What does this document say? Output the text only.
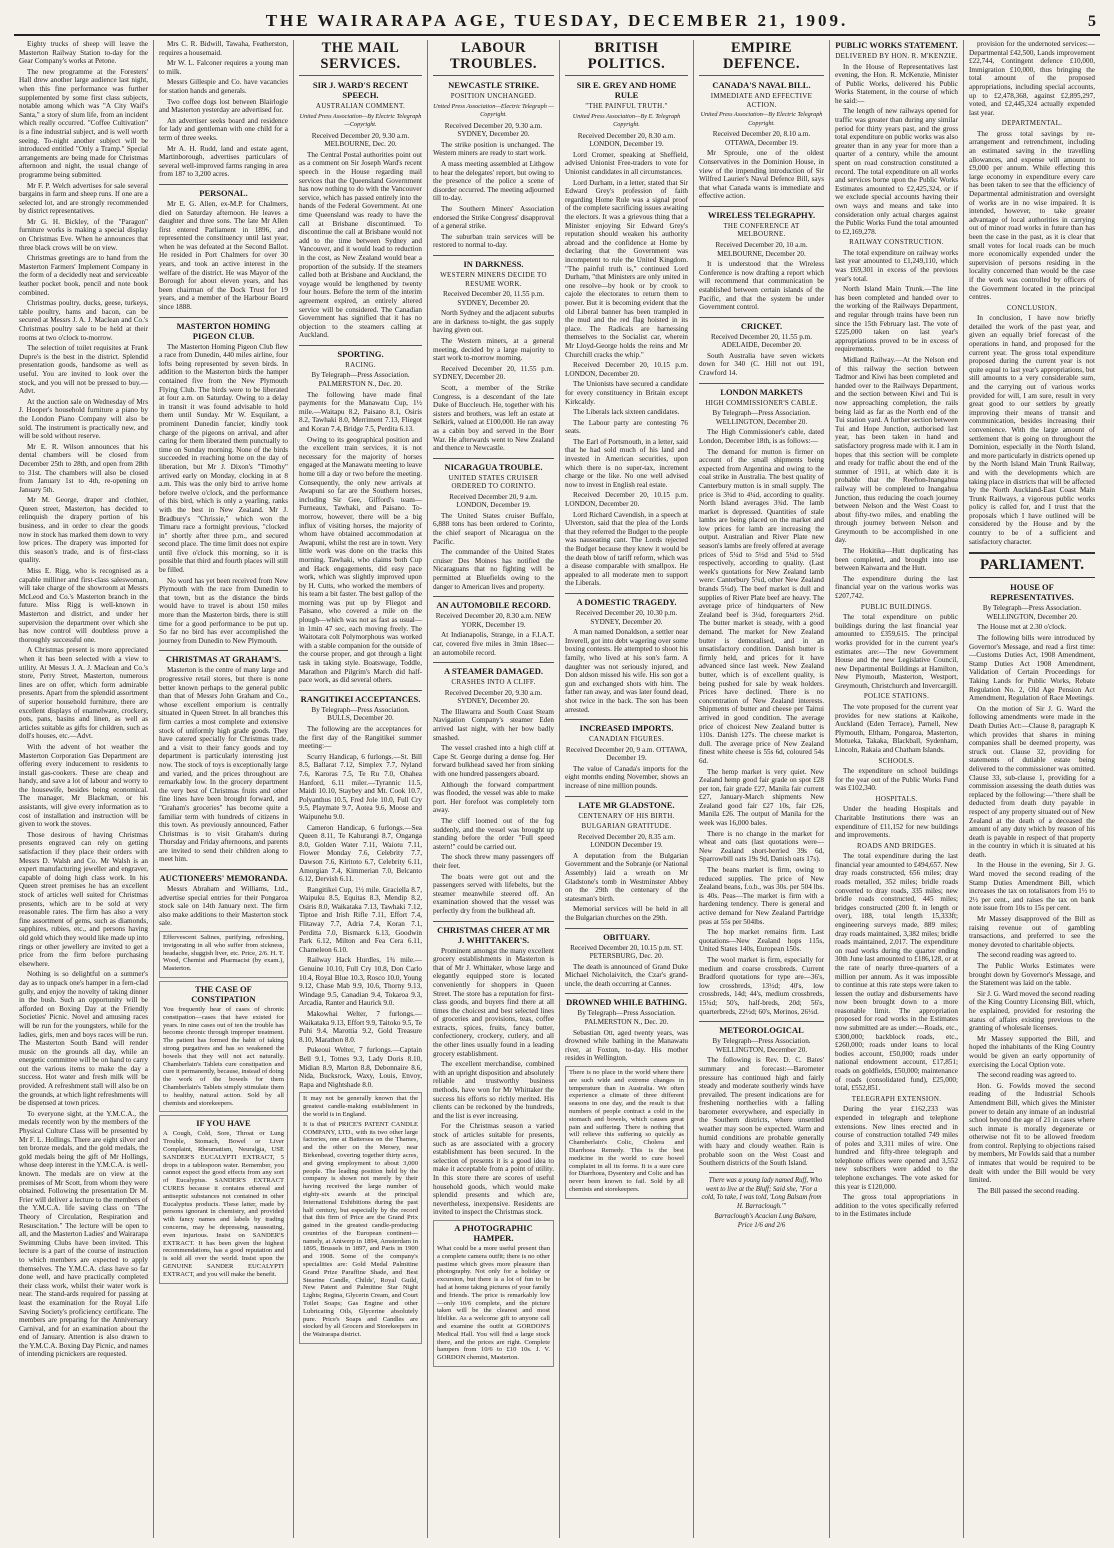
THE WAIRARAPA AGE, TUESDAY, DECEMBER 21, 1909.	5

Eighty trucks of sheep will leave the Masterton Railway Station to-day for the Gear Company's works at Petone.

The new programme at the Foresters' Hall drew another large audience last night, when this fine performance was further supplemented by some first class subjects, notable among which was "A City Waif's Santa," a story of slum life, from an incident which really occurred. "Coffee Cultivation" is a fine industrial subject, and is well worth seeing. To-night another subject will be introduced entitled "Only a Tramp." Special arrangements are being made for Christmas afternoon and night, the usual change of programme being submitted.

Mr F. P. Welch advertises for sale several bargains in farm and sheep runs. If one are a selected lot, and are strongly recommended by district representatives.

Mr G. H. Bickley, of the "Paragon" furniture works is making a special display on Christmas Eve. When he announces that three black crows will be on view.

Christmas greetings are to hand from the Masterton Farmers' Implement Company in the form of a decidedly neat and serviceable leather pocket book, pencil and note book combined.

Christmas poultry, ducks, geese, turkeys, table poultry, hams and bacon, can be secured at Messrs J. A. J. Maclean and Co.'s Christmas poultry sale to be held at their rooms at two o'clock to-morrow.

The selection of toilet requisites at Frank Dupre's is the best in the district. Splendid presentation goods, handsome as well as useful. You are invited to look over the stock, and you will not be pressed to buy.—Advt.

At the auction sale on Wednesday of Mrs J. Hooper's household furniture a piano by the London Piano Company will also be sold. The instrument is practically new, and will be sold without reserve.

Mr E. R. Wilson announces that his dental chambers will be closed from December 25th to 28th, and open from 28th to 31st. The chambers will also be closed from January 1st to 4th, re-opening on January 5th.

Mr M. George, draper and clothier, Queen street, Masterton, has decided to relinquish the drapery portion of his business, and in order to clear the goods now in stock has marked them down to very low prices. The drapery was imported for this season's trade, and is of first-class quality.

Miss E. Rigg, who is recognised as a capable milliner and first-class saleswoman, will take charge of the showroom at Messrs McLeod and Co.'s Masterton branch in the future. Miss Rigg is well-known in Masterton and district, and under her supervision the department over which she has now control will doubtless prove a thoroughly successful one.

A Christmas present is more appreciated when it has been selected with a view to utility. At Messrs J. A. J. Maclean and Co.'s store, Perry Street, Masterton, numerous lines are on offer, which form admirable presents. Apart from the splendid assortment of superior household furniture, there are excellent displays of enamelware, crockery, pots, pans, basins and linen, as well as articles suitable as gifts for children, such as doll's houses, etc.—Advt.

With the advent of hot weather the Masterton Corporation Gas Department are offering every inducement to residents to install gas-cookers. These are cheap and handy, and save a lot of labour and worry to the housewife, besides being economical. The manager, Mr Blackman, or his assistants, will give every information as to cost of installation and instruction will be given to work the stoves.

Those desirous of having Christmas presents engraved can rely on getting satisfaction if they place their orders with Messrs D. Walsh and Co. Mr Walsh is an expert manufacturing jeweller and engraver, capable of doing high class work. In his Queen street premises he has an excellent stock of articles well suited for Christmas presents, which are to be sold at very reasonable rates. The firm has also a very fine assortment of gems, such as diamonds, sapphires, rubies, etc., and persons having old gold which they would like made up into rings or other jewellery are invited to get a price from the firm before purchasing elsewhere.

Nothing is so delightful on a summer's day as to unpack one's hamper in a fern-clad gully, and enjoy the novelty of taking dinner in the bush. Such an opportunity will be afforded on Boxing Day at the Friendly Societies' Picnic. Novel and amusing races will be run for the youngsters, while for the ladies, girls, men and boys races will be run. The Masterton South Band will render music on the grounds all day, while an energetic committee will be on hand to carry out the various items to make the day a success. Hot water and fresh milk will be provided. A refreshment stall will also be on the grounds, at which light refreshments will be dispensed at town prices.

To everyone sight, at the Y.M.C.A., the medals recently won by the members of the Physical Culture Class will be presented by Mr F. L. Hollings. There are eight silver and ten bronze medals, and the gold medals, the gold medals being the gift of Mr Hollings, whose deep interest in the Y.M.C.A. is well-known. The medals are on view at the premises of Mr Scott, from whom they were obtained. Following the presentation Dr M. Frier will deliver a lecture to the members of the Y.M.C.A. life saving class on "The Theory of Circulation, Respiration and Resuscitation." The lecture will be open to all, and the Masterton Ladies' and Wairarapa Swimming Clubs have been invited. This lecture is a part of the course of instruction to which members are expected to apply themselves. The Y.M.C.A. class have so far done well, and have practically completed their class work, whilst their water work is near. The stand-ards required for passing at least the examination for the Royal Life Saving Society's proficiency certificate. The members are preparing for the Anniversary Carnival, and for an examination about the end of January. Attention is also drawn to the Y.M.C.A. Boxing Day Picnic, and names of intending picnickers are requested.

Mrs C. R. Bidwill, Tawaha, Featherston, requires a housemaid.

Mr W. L. Falconer requires a young man to milk.

Messrs Gillespie and Co. have vacancies for station hands and generals.

Two coffee dogs lost between Blairlogie and Masterton yesterday are advertised for.

An advertiser seeks board and residence for lady and gentleman with one child for a term of three weeks.

Mr A. H. Rudd, land and estate agent, Martinborough, advertises particulars of several well-improved farms ranging in area from 187 to 3,200 acres.

PERSONAL.

Mr E. G. Allen, ex-M.P. for Chalmers, died on Saturday afternoon. He leaves a daughter and three sons. The late Mr Allen first entered Parliament in 1896, and represented the constituency until last year, when he was defeated at the Second Ballot. He resided in Port Chalmers for over 30 years, and took an active interest in the welfare of the district. He was Mayor of the Borough for about eleven years, and has been chairman of the Dock Trust for 19 years, and a member of the Harbour Board since 1888.

MASTERTON HOMING PIGEON CLUB.

The Masterton Homing Pigeon Club flew a race from Dunedin, 440 miles airline, four lofts being represented by seven birds. In addition to the Masterton birds the hamper contained five from the New Plymouth Flying Club. The birds were to be liberated at four a.m. on Saturday. Owing to a delay in transit it was found advisable to hold them until Sunday. Mr W. Esquilant, a prominent Dunedin fancier, kindly took charge of the pigeons on arrival, and after caring for them liberated them punctually to time on Sunday morning. None of the birds succeeded in reaching home on the day of liberation, but Mr J. Dixon's "Timothy" arrived early on Monday, clocking in at 8 a.m. This was the only bird to arrive home before twelve o'clock, and the performance of this bird, which is only a yearling, ranks with the best in New Zealand. Mr J. Bradbury's "Chrissie," which won the Timaru race a fortnight previous, "clocked in" shortly after three p.m., and secured second place. The time limit does not expire until five o'clock this morning, so it is possible that third and fourth places will still be filled.

No word has yet been received from New Plymouth with the race from Dunedin to that town, but as the distance the birds would have to travel is about 150 miles more than the Masterton birds, there is still time for a good performance to be put up. So far no bird has ever accomplished the journey from Dunedin to New Plymouth.

CHRISTMAS AT GRAHAM'S.

Masterton is the centre of many large and progressive retail stores, but there is none better known perhaps to the general public than that of Messrs John Graham and Co., whose excellent emporium is centrally situated in Queen Street. In all branches this firm carries a most complete and extensive stock of uniformly high grade goods. They have catered specially for Christmas trade, and a visit to their fancy goods and toy department is particularly interesting just now. The stock of toys is exceptionally large and varied, and the prices throughout are remarkably low. In the grocery department the very best of Christmas fruits and other fine lines have been brought forward, and "Graham's groceries" has become quite a familiar term with hundreds of citizens in this town. As previously announced, Father Christmas is to visit Graham's during Thursday and Friday afternoons, and parents are invited to send their children along to meet him.

AUCTIONEERS' MEMORANDA.

Messrs Abraham and Williams, Ltd., advertise special entries for their Pongaroa stock sale on 14th January next. The firm also make additions to their Masterton stock sale.

Effervescent Salines, purifying, refreshing, invigorating in all who suffer from sickness, headache, sluggish liver, etc. Price, 2/6. H. T. Wood, Chemist and Pharmacist (by exam.), Masterton.

THE CASE OF CONSTIPATION

You frequently hear of cases of chronic constipation—cases that have existed for years. In nine cases out of ten the trouble has become chronic through improper treatment. The patient has formed the habit of taking strong purgatives and has so weakened the bowels that they will not act naturally. Chamberlain's Tablets cure constipation and cure it permanently, because, instead of doing the work of the bowels for them Chamberlain's Tablets simply stimulate them to healthy, natural action. Sold by all chemists and storekeepers.

IF YOU HAVE

A Cough, Cold, Sore, Throat or Lung Trouble, Stomach, Bowel or Liver Complaint, Rheumatism, Neuralgia, USE SANDER'S EUCALYPTI EXTRACT, 5 drops in a tablespoon water. Remember, you cannot expect the good effects from any sort of Eucalyptus. SANDER'S EXTRACT CURES because it contains ethereal and antiseptic substances not contained in other Eucalyptus products. These latter, made by persons ignorant in chemistry, and provided with fancy names and labels by trading concerns, may be depressing, nauseating, even injurious. Insist on SANDER'S EXTRACT. It has been given the highest recommendations, has a good reputation and is sold all over the world. Insist upon the GENUINE SANDER EUCALYPTI EXTRACT, and you will make the benefit.

THE MAIL SERVICES.
SIR J. WARD'S RECENT SPEECH.
AUSTRALIAN COMMENT.
United Press Association—By Electric Telegraph —Copyright.
Received December 20, 9.30 a.m. MELBOURNE, Dec. 20.

The Central Postal authorities point out as a comment on Sir Joseph Ward's recent speech in the House regarding mail services that the Queensland Government has now nothing to do with the Vancouver service, which has passed entirely into the hands of the Federal Government. At one time Queensland was ready to have the call at Brisbane discontinued. To discontinue the call at Brisbane would not add to the time between Sydney and Vancouver, and it would lead to reduction in the cost, as New Zealand would bear a proportion of the subsidy. If the steamers called both at Brisbane and Auckland, the voyage would be lengthened by twenty four hours. Before the term of the interim agreement expired, an entirely altered service will be considered. The Canadian Government has signified that it has no objection to the steamers calling at Auckland.

SPORTING.
RACING.
By Telegraph—Press Association. PALMERSTON N., Dec. 20.

The following have made final payments for the Manawatu Cup, 1½ mile.—Waitapu 8.2, Paisano 8.1, Osiris 8.2, Tawhaki 8.0, Merriment 7.13, Fliegot and Koran 7.4, Bridge 7.5, Perdita 6.13.

Owing to its geographical position and the excellent train services, it is not necessary for the majority of horses engaged at the Manawatu meeting to leave home till a day or two before the meeting. Consequently, the only new arrivals at Awapuni so far are the Southern horses, including Sir Gee, Gifford's team—Furneaux, Tawhaki, and Paisano. To-morrow, however, there will be a big influx of visiting horses, the majority of whom have obtained accommodation at Awapuni, whilst the rest are in town. Very little work was done on the tracks this morning. Tawhaki, who claims both Cup and Hack engagements, did easy pace work, which was slightly improved upon by H. Cutts, who worked the members of his team a bit faster. The best gallop of the morning was put up by Fliegot and Paisano, who covered a mile on the plough—which was not as fast as usual—in 1min 47 sec, each moving freely. The Waitotara colt Polymorphous was worked with a stable companion for the outside of the course proper, and got through a light task in taking style. Boatswage, Toddle, Marathon and Pilgrim's March did half-pace work, as did several others.

RANGITIKEI ACCEPTANCES.
By Telegraph—Press Association. BULLS, December 20.

The following are the acceptances for the first day of the Rangitikei summer meeting:—

Scurry Handicap, 6 furlongs.—St. Bill 8.5, Ballarat 7.12, Simplex 7.7, Nyland 7.6, Karoras 7.5, Te Ru 7.0, Ohahea Hanford, 6.11 miler.—Tyrannic 11.5, Maidi 10.10, Staybey and Mt. Cook 10.7, Polyanthus 10.5, Fred Jole 10.0, Full Cry 9.5, Playmate 9.7, Aotea 9.6, Moose and Waipunehu 9.0.

Cameron Handicap, 6 furlongs.—Sea Queen 8.11, Te Kahurangi 8.7, Onganga 8.0, Golden Water 7.11, Waiotu 7.11, Flower Monday 7.6, Celebrity 7.7, Dawson 7.6, Kiritoto 6.7, Celebrity 6.11, Amorgian 7.4, Kimmerian 7.0, Belcanto 6.12, Dervish 6.11.

Rangitikei Cup, 1½ mile. Graciella 8.7, Waipuku 8.5, Equitas 8.3, Mendip 8.2, Osiris 8.0, Waikataka 7.13, Tawhaki 7.12, Tiptoe and Irish Rifle 7.11, Effort 7.4, Flitaway 7.7, Adria 7.4, Koran 7.1, Perditta 7.0, Bismarck 6.13, Goodwin Park 6.12, Milton and Fea Cera 6.11, Chameleon 6.10.

Railway Hack Hurdles, 1¾ mile.—Genuine 10.10, Full Cry 10.8, Don Carlo 10.4, Royal Blue 10.3, Rosco 10.0, Young 9.12, Chase Mab 9.9, 10.6, Thorny 9.13, Windage 9.5, Canadian 9.4, Tokaroa 9.3, Arcadia, Ranter and Haurick 9.0.

Makowhai Welter, 7 furlongs.—Waikataka 9.13, Effort 9.9, Taitoko 9.5, Te Puhi 9.4, Marottia 9.2, Gold Treasure 8.10, Marathon 8.0.

Pukeoui Welter, 7 furlongs.—Captain Bell 9.1, Totnes 9.3, Lady Doris 8.10, Midian 8.9, Marton 8.8, Debonnaire 8.6, Nida, Bucksrock, Waxy, Louis, Envoy, Rapa and Nightshade 8.0.

It may not be generally known that the greatest candle-making establishment in the world is in England.

It is that of PRICE'S PATENT CANDLE COMPANY, LTD., with its two other large factories, one at Battersea on the Thames, and the other on the Mersey, near Birkenhead, covering together thirty acres, and giving employment to about 3,000 people. The leading position held by the company is shown not merely by their having received the large number of eighty-six awards at the principal International Exhibitions during the past half century, but especially by the record that this firm of Price are the Grand Prix gained in the greatest candle-producing countries of the European continent—namely, at Antwerp in 1894, Amsterdam in 1895, Brussels in 1897, and Paris in 1900 and 1908. Some of the company's specialities are: Gold Medal Palmitine Grand Prize Paraffine Shade, and Best Stearine Candle, Childs', Royal Guild, New Patent and Palmitine Star Night Lights; Regina, Glycerin Cream, and Court Toilet Soaps; Gas Engine and other Lubricating Oils, Glycerine absolutely pure. Price's Soaps and Candles are stocked by all Grocers and Storekeepers in the Wairarapa district.

LABOUR TROUBLES.
NEWCASTLE STRIKE.
POSITION UNCHANGED.
United Press Association—Electric Telegraph —Copyright.
Received December 20, 9.30 a.m. SYDNEY, December 20.

The strike position is unchanged. The Western miners are ready to start work.

A mass meeting assembled at Lithgow to hear the delegates' report, but owing to the presence of the police a scene of disorder occurred. The meeting adjourned till to-day.

The Southern Miners' Association endorsed the Strike Congress' disapproval of a general strike.

The suburban train services will be restored to normal to-day.

IN DARKNESS.
WESTERN MINERS DECIDE TO RESUME WORK.
Received December 20, 11.55 p.m. SYDNEY, December 20.

North Sydney and the adjacent suburbs are in darkness to-night, the gas supply having given out.

The Western miners, at a general meeting, decided by a large majority to start work to-morrow morning.

Received December 20, 11.55 p.m. SYDNEY, December 20.

Scott, a member of the Strike Congress, is a descendant of the late Duke of Buccleuch. He, together with his sisters and brothers, was left an estate at Selkirk, valued at £100,000. He ran away as a cabin boy and served in the Boer War. He afterwards went to New Zealand and thence to Newcastle.

NICARAGUA TROUBLE.
UNITED STATES CRUISER ORDERED TO CORINTO.
Received December 20, 9 a.m. LONDON, December 19.

The United States cruiser Buffalo, 6,888 tons has been ordered to Corinto, the chief seaport of Nicaragua on the Pacific.

The commander of the United States cruiser Des Moines has notified the Nicaraguans that no fighting will be permitted at Bluefields owing to the danger to American lives and property.

AN AUTOMOBILE RECORD.
Received December 20, 8.30 a.m. NEW YORK, December 19.

At Indianapolis, Strange, in a F.I.A.T. car, covered five miles in 3min 18sec—an automobile record.

A STEAMER DAMAGED.
CRASHES INTO A CLIFF.
Received December 20, 9.30 a.m. SYDNEY, December 20.

The Illawarra and South Coast Steam Navigation Company's steamer Eden arrived last night, with her bow badly smashed.

The vessel crashed into a high cliff at Cape St. George during a dense fog. Her forward bulkhead saved her from sinking with one hundred passengers aboard.

Although the forward compartment was flooded, the vessel was able to make port. Her forefoot was completely torn away.

The cliff loomed out of the fog suddenly, and the vessel was brought up standing before the order "Full speed astern!" could be carried out.

The shock threw many passengers off their feet.

The boats were got out and the passengers served with lifebelts, but the steamer meanwhile steered off. An examination showed that the vessel was perfectly dry from the bulkhead aft.

CHRISTMAS CHEER AT MR J. WHITTAKER'S.

Prominent amongst the many excellent grocery establishments in Masterton is that of Mr J. Whittaker, whose large and elegantly equipped store is located conveniently for shoppers in Queen Street. The store has a reputation for first-class goods, and buyers find there at all times the choicest and best selected lines of groceries and provisions, teas, coffee extracts, spices, fruits, fancy butter, confectionery, crockery, cutlery, and all the other lines usually found in a leading grocery establishment.

The excellent merchandise, combined with an upright disposition and absolutely reliable and trustworthy business methods, have won for Mr Whittaker the success his efforts so richly merited. His clients can be reckoned by the hundreds, and the list is ever increasing.

For the Christmas season a varied stock of articles suitable for presents, such as are associated with a grocery establishment has been secured. In the selection of presents it is a good idea to make it acceptable from a point of utility. In this store there are scores of useful household goods, which would make splendid presents and which are, nevertheless, inexpensive. Residents are invited to inspect the Christmas stock.

A PHOTOGRAPHIC HAMPER.

What could be a more useful present than a complete camera outfit; there is no other pastime which gives more pleasure than photography. Not only for a holiday or excursion, but there is a lot of fun to be had at home taking pictures of your family and friends. The price is remarkably low—only 10/6 complete, and the picture taken will be the clearest and most lifelike. As a welcome gift to anyone call and examine the outfit at GORDON'S Medical Hall. You will find a large stock there, and the prices are right. Complete hampers from 10/6 to £10 10s. J. V. GORDON chemist, Masterton.

BRITISH POLITICS.
SIR E. GREY AND HOME RULE
"THE PAINFUL TRUTH."
United Press Association—By E. Telegraph Copyright.
Received December 20, 8.30 a.m. LONDON, December 19.

Lord Cromer, speaking at Sheffield, advised Unionist Free-traders to vote for Unionist candidates in all circumstances.

Lord Durham, in a letter, stated that Sir Edward Grey's profession of faith regarding Home Rule was a signal proof of the complete sacrificing issues awaiting the electors. It was a grievous thing that a Minister enjoying Sir Edward Grey's reputation should weaken his authority abroad and the confidence at Home by declaring that the Government was incompetent to rule the United Kingdom. "The painful truth is," continued Lord Durham, "that Ministers are only united in one resolve—by hook or by crook to cajole the electorates to return them to power. But it is becoming evident that the old Liberal banner has been trampled in the mud and the red flag hoisted in its place. The Radicals are harnessing themselves to the Socialist car, wherein Mr Lloyd-George holds the reins and Mr Churchill cracks the whip."

Received December 20, 10.15 p.m. LONDON, December 20.

The Unionists have secured a candidate for every constituency in Britain except Kirkcaldy.

The Liberals lack sixteen candidates.

The Labour party are contesting 76 seats.

The Earl of Portsmouth, in a letter, said that he had sold much of his land and invested in American securities, upon which there is no super-tax, increment charge or the like. No one well advised now to invest in English real estate.

Received December 20, 10.15 p.m. LONDON, December 20.

Lord Richard Cavendish, in a speech at Ulverston, said that the plea of the Lords that they referred the Budget to the people was nauseating cant. The Lords rejected the Budget because they knew it would be the death blow of tariff reform, which was a disease comparable with smallpox. He appealed to all moderate men to support the Liberals.

A DOMESTIC TRAGEDY.
Received December 20, 10.30 p.m. SYDNEY, December 20.

A man named Donaldson, a settler near Inverell, got into debt wagering over some boxing contests. He attempted to shoot his family, who lived at his son's farm. A daughter was not seriously injured, and Don aldson missed his wife. His son got a gun and exchanged shots with him. The father ran away, and was later found dead, shot twice in the back. The son has been arrested.

INCREASED IMPORTS.
CANADIAN FIGURES.
Received December 20, 9 a.m. OTTAWA, December 19.

The value of Canada's imports for the eight months ending November, shows an increase of nine million pounds.

LATE MR GLADSTONE.
CENTENARY OF HIS BIRTH.
BULGARIAN GRATITUDE.
Received December 20, 8.35 a.m. LONDON December 19.

A deputation from the Bulgarian Government and the Sobranje (or National Assembly) laid a wreath on Mr Gladstone's tomb in Westminster Abbey on the 29th the centenary of the statesman's birth.

Memorial services will be held in all the Bulgarian churches on the 29th.

OBITUARY.
Received December 20, 10.15 p.m. ST. PETERSBURG, Dec. 20.

The death is announced of Grand Duke Michael Nicholaivitch, the Czar's grand-uncle, the death occurring at Cannes.

DROWNED WHILE BATHING.
By Telegraph—Press Association. PALMERSTON N., Dec. 20.

Sebastian Ott, aged twenty years, was drowned while bathing in the Manawatu river, at Foxton, to-day. His mother resides in Wellington.

There is no place in the world where there are such wide and extreme changes in temperature than in Australia. We often experience a climate of three different seasons in one day, and the result is that numbers of people contract a cold in the stomach and bowels, which causes great pain and suffering. There is nothing that will relieve this suffering so quickly as Chamberlain's Colic, Cholera and Diarrhoea Remedy. This is the best medicine in the world to cure bowel complaint in all its forms. It is a sure cure for Diarrhoea, Dysentery and Colic and has never been known to fail. Sold by all chemists and storekeepers.

EMPIRE DEFENCE.
CANADA'S NAVAL BILL.
IMMEDIATE AND EFFECTIVE ACTION.
United Press Association—By Electric Telegraph Copyright.
Received December 20, 8.10 a.m. OTTAWA, December 19.

Mr Sproule, one of the oldest Conservatives in the Dominion House, in view of the impending introduction of Sir Wilfred Laurier's Naval Defence Bill, says that what Canada wants is immediate and effective action.

WIRELESS TELEGRAPHY.
THE CONFERENCE AT MELBOURNE.
Received December 20, 10 a.m. MELBOURNE, December 20.

It is understood that the Wireless Conference is now drafting a report which will recommend that communication be established between certain islands of the Pacific, and that the system be under Government control.

CRICKET.
Received December 20, 11.55 p.m. ADELAIDE, December 20.

South Australia have seven wickets down for 340 (C. Hill not out 191, Crawford 14.

LONDON MARKETS
HIGH COMMISSIONER'S CABLE.
By Telegraph—Press Association. WELLINGTON, December 20.

The High Commissioner's cable, dated London, December 18th, is as follows:—

The demand for mutton is firmer on account of the small shipments being expected from Argentina and owing to the coal strike in Australia. The best quality of Canterbury mutton is in small supply. The price is 3¾d to 4¼d, according to quality. North Island averages 3¾d. The lamb market is depressed. Quantities of stale lambs are being placed on the market and low prices for lamb are increasing the output. Australian and River Plate new season's lambs are freely offered at average prices of 5¼d to 5½d and 5¼d to 5¾d respectively, according to quality. (Last week's quotations for New Zealand lamb were: Canterbury 5¾d, other New Zealand brands 5¼d). The beef market is dull and supplies of River Plate beef are heavy. The average price of hindquarters of New Zealand beef is 3¼d, forequarters 2½d. The butter market is steady, with a good demand. The market for New Zealand butter is demoralised, and in an unsatisfactory condition. Danish butter is firmly held, and prices for it have advanced since last week. New Zealand butter, which is of excellent quality, is being pushed for sale by weak holders. Prices have declined. There is no concentration of New Zealand interests. Shipments of butter and cheese per Tainui arrived in good condition. The average price of choicest New Zealand butter is 110s. Danish 127s. The cheese market is dull. The average price of New Zealand finest white cheese is 55s 6d, coloured 54s 6d.

The hemp market is very quiet. New Zealand hemp good fair grade on spot £28 per ton, fair grade £27, Manila fair current £27, January-March shipments New Zealand good fair £27 10s, fair £26, Manila £26. The output of Manila for the week was 16,000 bales.

There is no change in the market for wheat and oats (last quotations were—New Zealand short-berried 39s 6d, Sparrowbill oats 19s 9d, Danish oats 17s).

The beans market is firm, owing to reduced supplies. The price of New Zealand beans, f.o.b., was 30s. per 504 lbs. is 40s. Peas—The market is firm with a hardening tendency. There is general and active demand for New Zealand Partridge peas at 55s per 504lbs.

The hop market remains firm. Last quotations—New Zealand hops 115s, United States 140s, European 150s.

The wool market is firm, especially for medium and coarse crossbreds. Current Bradford quotations for type are—36's, low crossbreds, 13½d; 40's, low crossbreds, 14d; 44's, medium crossbreds, 15¼d; 50's, half-breds, 20d; 56's, quarterbreds, 22½d; 60's, Merinos, 26½d.

METEOROLOGICAL
By Telegraph—Press Association. WELLINGTON, December 20.

The following is Rev. D. C. Bates' summary and forecast:—Barometer pressure has continued high and fairly steady and moderate southerly winds have prevailed. The present indications are for freshening northerlies with a falling barometer everywhere, and especially in the Southern districts, where unsettled weather may soon be expected. Warm and humid conditions are probable generally with hazy and cloudy weather. Rain is probable soon on the West Coast and Southern districts of the South Island.

There was a young lady named Ruff, Who went to live at the Bluff; Said she, "For a cold, To take, I was told, 'Long Balsam from H. Barraclough.'"

Barraclough's Acacian Lung Balsam, Price 1/6 and 2/6

PUBLIC WORKS STATEMENT.
DELIVERED BY HON. R. M'KENZIE.

In the House of Representatives last evening, the Hon. R. McKenzie, Minister of Public Works, delivered his Public Works Statement, in the course of which he said:—

The length of new railways opened for traffic was greater than during any similar period for thirty years past, and the gross total expenditure on public works was also greater than in any year for more than a quarter of a century, while the amount spent on road construction constituted a record. The total expenditure on all works and services borne upon the Public Works Estimates amounted to £2,425,324, or if we exclude special accounts having their own ways and means and take into consideration only actual charges against the Public Works Fund the total amounted to £2,169,278.

RAILWAY CONSTRUCTION.

The total expenditure on railway works last year amounted to £1,249,110, which was £69,301 in excess of the previous year's total.

North Island Main Trunk.—The line has been completed and handed over to the working of the Railways Department, and regular through trains have been run since the 15th February last. The vote of £225,000 taken on last year's appropriations proved to be in excess of requirements.

Midland Railway.—At the Nelson end of this railway the section between Tadmor and Kiwi has been completed and handed over to the Railways Department, and the section between Kiwi and Tui is now approaching completion, the rails being laid as far as the North end of the Tui station yard. A further section between Tui and Hope Junction, authorised last year, has been taken in hand and satisfactory progress made with it. I am in hopes that this section will be complete and ready for traffic about the end of the summer of 1911, at which date it is probable that the Reefton-Inangahua railway will be completed to Inangahua Junction, thus reducing the coach journey between Nelson and the West Coast to about fifty-two miles, and enabling the through journey between Nelson and Greymouth to be accomplished in one day.

The Hokitika—Hutt duplicating has been completed, and brought into use between Kaiwarra and the Hutt.

The expenditure during the last financial year on the various works was £207,742.

PUBLIC BUILDINGS.

The total expenditure on public buildings during the last financial year amounted to £359,615. The principal works provided for in the current year's estimates are:—The new Government House and the new Legislative Council, new Departmental Buildings at Hamilton, New Plymouth, Masterton, Westport, Greymouth, Christchurch and Invercargill.

POLICE STATIONS.

The vote proposed for the current year provides for new stations at Kaikohe, Auckland (Eden Terrace), Parnell, New Plymouth, Eltham, Pongaroa, Masterton, Motueka, Takaka, Blackball, Sydenham, Lincoln, Rakaia and Chatham Islands.

SCHOOLS.

The expenditure on school buildings for the year out of the Public Works Fund was £102,340.

HOSPITALS.

Under the heading Hospitals and Charitable Institutions there was an expenditure of £11,152 for new buildings and improvements.

ROADS AND BRIDGES.

The total expenditure during the last financial year amounted to £494,657. New dray roads constructed, 656 miles; dray roads metalled, 352 miles; bridle roads converted to dray roads, 335 miles; new bridle roads constructed, 445 miles; bridges constructed (200 ft. in length or over), 188, total length 15,333ft; engineering surveys made, 889 miles; dray roads maintained, 3,382 miles; bridle roads maintained, 2,017. The expenditure on road works during the quarter ending 30th June last amounted to £186,128, or at the rate of nearly three-quarters of a million per annum. As it was impossible to continue at this rate steps were taken to lessen the outlay and disbursements have now been brought down to a more reasonable limit. The appropriation proposed for road works in the Estimates now submitted are as under:—Roads, etc., £300,000; backblock roads, etc., £260,000; roads under loans to local bodies account, £50,000; roads under national endowment account, £17,851; roads on goldfields, £50,000; maintenance of roads (consolidated fund), £25,000; total, £552,851.

TELEGRAPH EXTENSION.

During the year £162,233 was expended in telegraph and telephone extensions. New lines erected and in course of construction totalled 749 miles of poles and 3,311 miles of wire. One hundred and fifty-three telegraph and telephone offices were opened and 3,552 new subscribers were added to the telephone exchanges. The vote asked for this year is £120,000.

The gross total appropriations in addition to the votes specifically referred to in the Estimates include

provision for the undernoted services:—Departmental £42,500, Lands improvement £22,744, Contingent defence £10,000, Immigration £10,000, thus bringing the total amount of the proposed appropriations, including special accounts, up to £2,478,368, against £2,895,297, voted, and £2,445,324 actually expended last year.

DEPARTMENTAL.

The gross total savings by re-arrangement and retrenchment, including an estimated saving in the travelling allowances, and expense will amount to £9,000 per annum. While effecting this large economy in expenditure every care has been taken to see that the efficiency of Departmental administration and oversight of works are in no wise impaired. It is intended, however, to take greater advantage of local authorities in carrying out of minor road works in future than has been the case in the past, as it is clear that small votes for local roads can be much more economically expended under the supervision of persons residing in the locality concerned than would be the case if the work was controlled by officers of the Government located in the principal centres.

CONCLUSION.

In conclusion, I have now briefly detailed the work of the past year, and given an equally brief forecast of the operations in hand, and proposed for the current year. The gross total expenditure proposed during the current year is not quite equal to last year's appropriations, but still amounts to a very considerable sum, and the carrying out of various works provided for will, I am sure, result in very great good to our settlers by greatly improving their means of transit and communication, besides increasing their convenience. With the large amount of settlement that is going on throughout the Dominion, especially in the North Island, and more particularly in districts opened up by the North Island Main Trunk Railway, and with the developments which are taking place in districts that will be affected by the North Auckland-East Coast Main Trunk Railways, a vigorous public works policy is called for, and I trust that the proposals which I have outlined will be considered by the House and by the country to be of a sufficient and satisfactory character.

PARLIAMENT.
HOUSE OF REPRESENTATIVES.
By Telegraph—Press Association. WELLINGTON, December 20.

The House met at 2.30 o'clock.

The following bills were introduced by Governor's Message, and read a first time:—Customs Duties Act, 1908 Amendment, Stamp Duties Act 1908 Amendment, Validation of Certain Proceedings for Taking Lands for Public Works, Rebate Regulation No. 2, Old Age Pension Act Amendment, Regulation of Race Meetings.

On the motion of Sir J. G. Ward the following amendments were made in the Death Duties Act:—Clause 8, paragraph K which provides that shares in mining companies shall be deemed property, was struck out. Clause 32, providing for statements of dutiable estate being delivered to the commissioner was omitted. Clause 33, sub-clause 1, providing for a commission assessing the death duties was replaced by the following:—"there shall be deducted from death duty payable in respect of any property situated out of New Zealand at the death of a deceased the amount of any duty which by reason of his death is payable in respect of that property in the country in which it is situated at his death.

In the House in the evening, Sir J. G. Ward moved the second reading of the Stamp Duties Amendment Bill, which increases the tax on totalisators from 1½ to 2½ per cent., and raises the tax on bank note issue from 10s to 15s per cent.

Mr Massey disapproved of the Bill as raising revenue out of gambling transactions, and preferred to see the money devoted to charitable objects.

The second reading was agreed to.

The Public Works Estimates were brought down by Governor's Message, and the Statement was laid on the table.

Sir J. G. Ward moved the second reading of the King Country Licensing Bill, which, he explained, provided for restoring the status of affairs existing previous to the granting of wholesale licenses.

Mr Massey supported the Bill, and hoped the inhabitants of the King Country would be given an early opportunity of exercising the Local Option vote.

The second reading was agreed to.

Hon. G. Fowlds moved the second reading of the Industrial Schools Amendment Bill, which gives the Minister power to detain any inmate of an industrial school beyond the age of 21 in cases where such inmate is morally degenerate or otherwise not fit to be allowed freedom from control. Replying to objections raised by members, Mr Fowlds said that a number of inmates that would be required to be dealt with under the Bill would be very limited.

The Bill passed the second reading.
